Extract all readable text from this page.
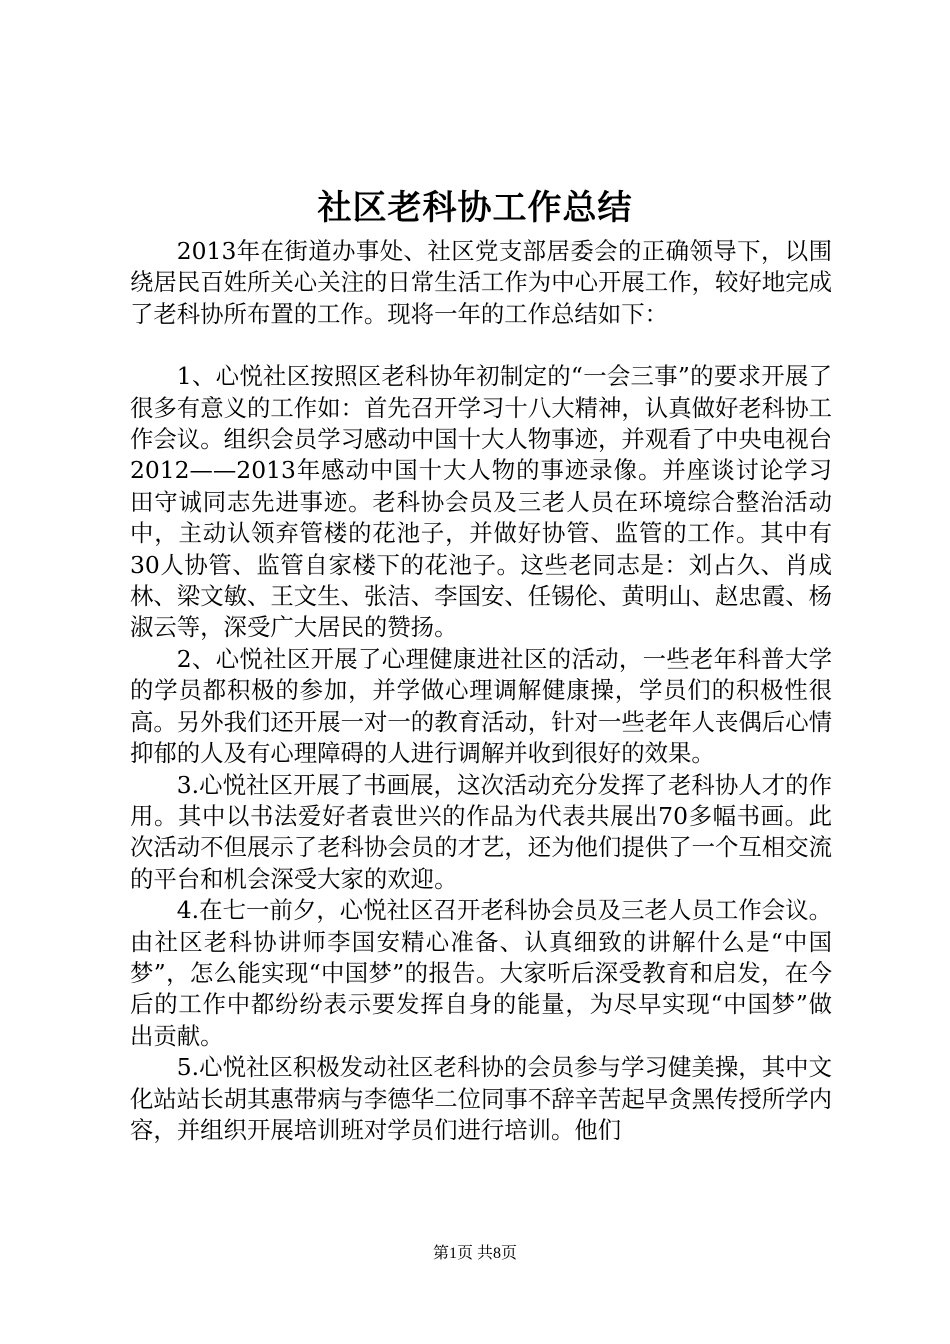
社区老科协工作总结

2013年在街道办事处、社区党支部居委会的正确领导下，以围绕居民百姓所关心关注的日常生活工作为中心开展工作，较好地完成了老科协所布置的工作。现将一年的工作总结如下：

1、心悦社区按照区老科协年初制定的“一会三事”的要求开展了很多有意义的工作如：首先召开学习十八大精神，认真做好老科协工作会议。组织会员学习感动中国十大人物事迹，并观看了中央电视台2012——2013年感动中国十大人物的事迹录像。并座谈讨论学习田守诚同志先进事迹。老科协会员及三老人员在环境综合整治活动中，主动认领弃管楼的花池子，并做好协管、监管的工作。其中有30人协管、监管自家楼下的花池子。这些老同志是：刘占久、肖成林、梁文敏、王文生、张洁、李国安、任锡伦、黄明山、赵忠霞、杨淑云等，深受广大居民的赞扬。

2、心悦社区开展了心理健康进社区的活动，一些老年科普大学的学员都积极的参加，并学做心理调解健康操，学员们的积极性很高。另外我们还开展一对一的教育活动，针对一些老年人丧偶后心情抑郁的人及有心理障碍的人进行调解并收到很好的效果。

3.心悦社区开展了书画展，这次活动充分发挥了老科协人才的作用。其中以书法爱好者袁世兴的作品为代表共展出70多幅书画。此次活动不但展示了老科协会员的才艺，还为他们提供了一个互相交流的平台和机会深受大家的欢迎。

4.在七一前夕，心悦社区召开老科协会员及三老人员工作会议。由社区老科协讲师李国安精心准备、认真细致的讲解什么是“中国梦”，怎么能实现“中国梦”的报告。大家听后深受教育和启发，在今后的工作中都纷纷表示要发挥自身的能量，为尽早实现“中国梦”做出贡献。

5.心悦社区积极发动社区老科协的会员参与学习健美操，其中文化站站长胡其惠带病与李德华二位同事不辞辛苦起早贪黑传授所学内容，并组织开展培训班对学员们进行培训。他们

第1页 共8页
